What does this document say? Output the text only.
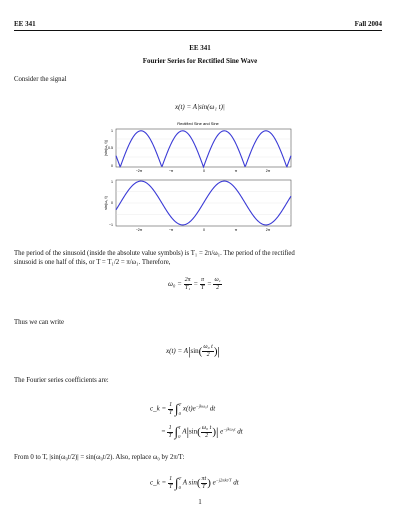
EE 341	Fall 2004
EE 341
Fourier Series for Rectified Sine Wave
Consider the signal
x(t) = A|sin(ω₁ t)|
Rectified Sine and Sine
1
0.5
0
|sin(ω₁ t)|
−2π	−π	0	π	2π
1
0
−1
sin(ω₁ t)
−2π	−π	0	π	2π
The period of the sinusoid (inside the absolute value symbols) is T₁ = 2π/ω₁. The period of the rectified
sinusoid is one half of this, or T = T₁/2 = π/ω₁. Therefore,
$\omega_0 = \frac{2\pi}{\text{T₁}} = \frac{\pi}{T} = \frac{\text{ω₁}}{2}$
Thus we can write
$x(t) = A|\sin( \frac{\text{ω₀ t}}{2}$ )|
The Fourier series coefficients are:
c_k = $\frac{1}{T}$ ∫ T
0
$x(t)e^{-jk\omega_0t}$ dt
= $\frac{1}{T}$ ∫ T
0
$A|\sin( \frac{\text{ω₀ t}}{2}$ )| $e^{-jk\omega_0t}$ dt
From 0 to T, |sin(ω₀t/2)| = sin(ω₀t/2). Also, replace ω₀ by 2π/T:
c_k = $\frac{1}{T}$ ∫ T
0
A $\sin( \frac{\pi t}{T}$ ) $e^{-j2\pi kt/T}$ dt
1
